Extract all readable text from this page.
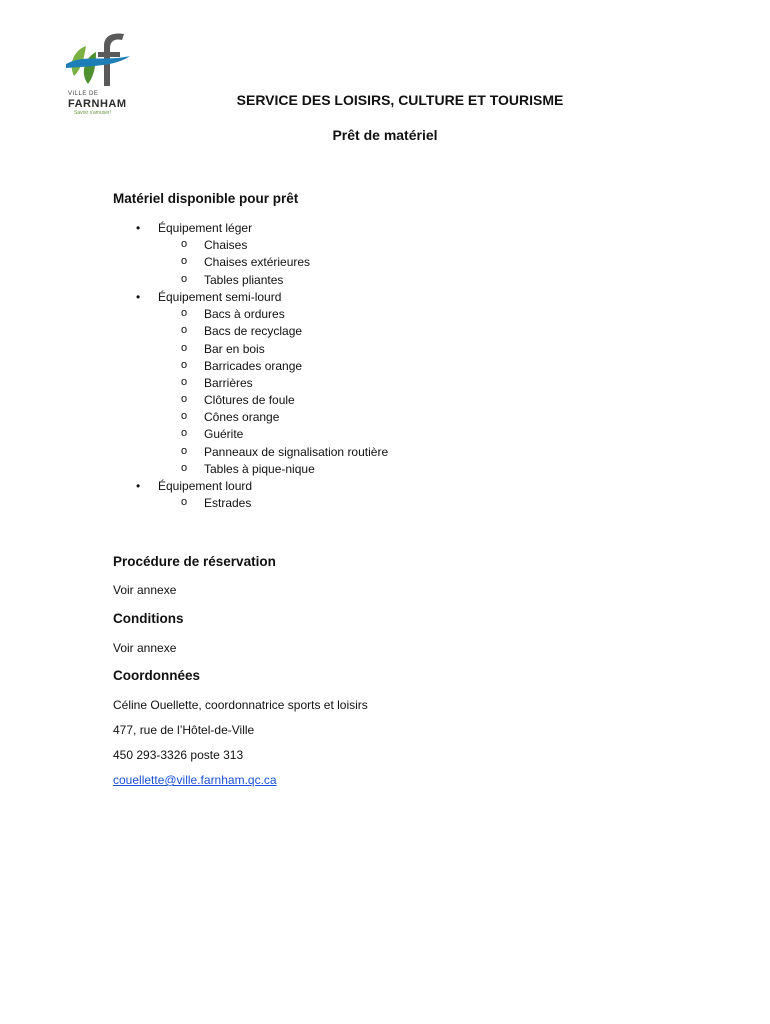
VILLE DE
FARNHAM
Savoir s'amuser!
SERVICE DES LOISIRS, CULTURE ET TOURISME
Prêt de matériel
Matériel disponible pour prêt
• Équipement léger
o Chaises
o Chaises extérieures
o Tables pliantes
• Équipement semi-lourd
o Bacs à ordures
o Bacs de recyclage
o Bar en bois
o Barricades orange
o Barrières
o Clôtures de foule
o Cônes orange
o Guérite
o Panneaux de signalisation routière
o Tables à pique-nique
• Équipement lourd
o Estrades
Procédure de réservation
Voir annexe
Conditions
Voir annexe
Coordonnées
Céline Ouellette, coordonnatrice sports et loisirs
477, rue de l’Hôtel-de-Ville
450 293-3326 poste 313
couellette@ville.farnham.qc.ca
